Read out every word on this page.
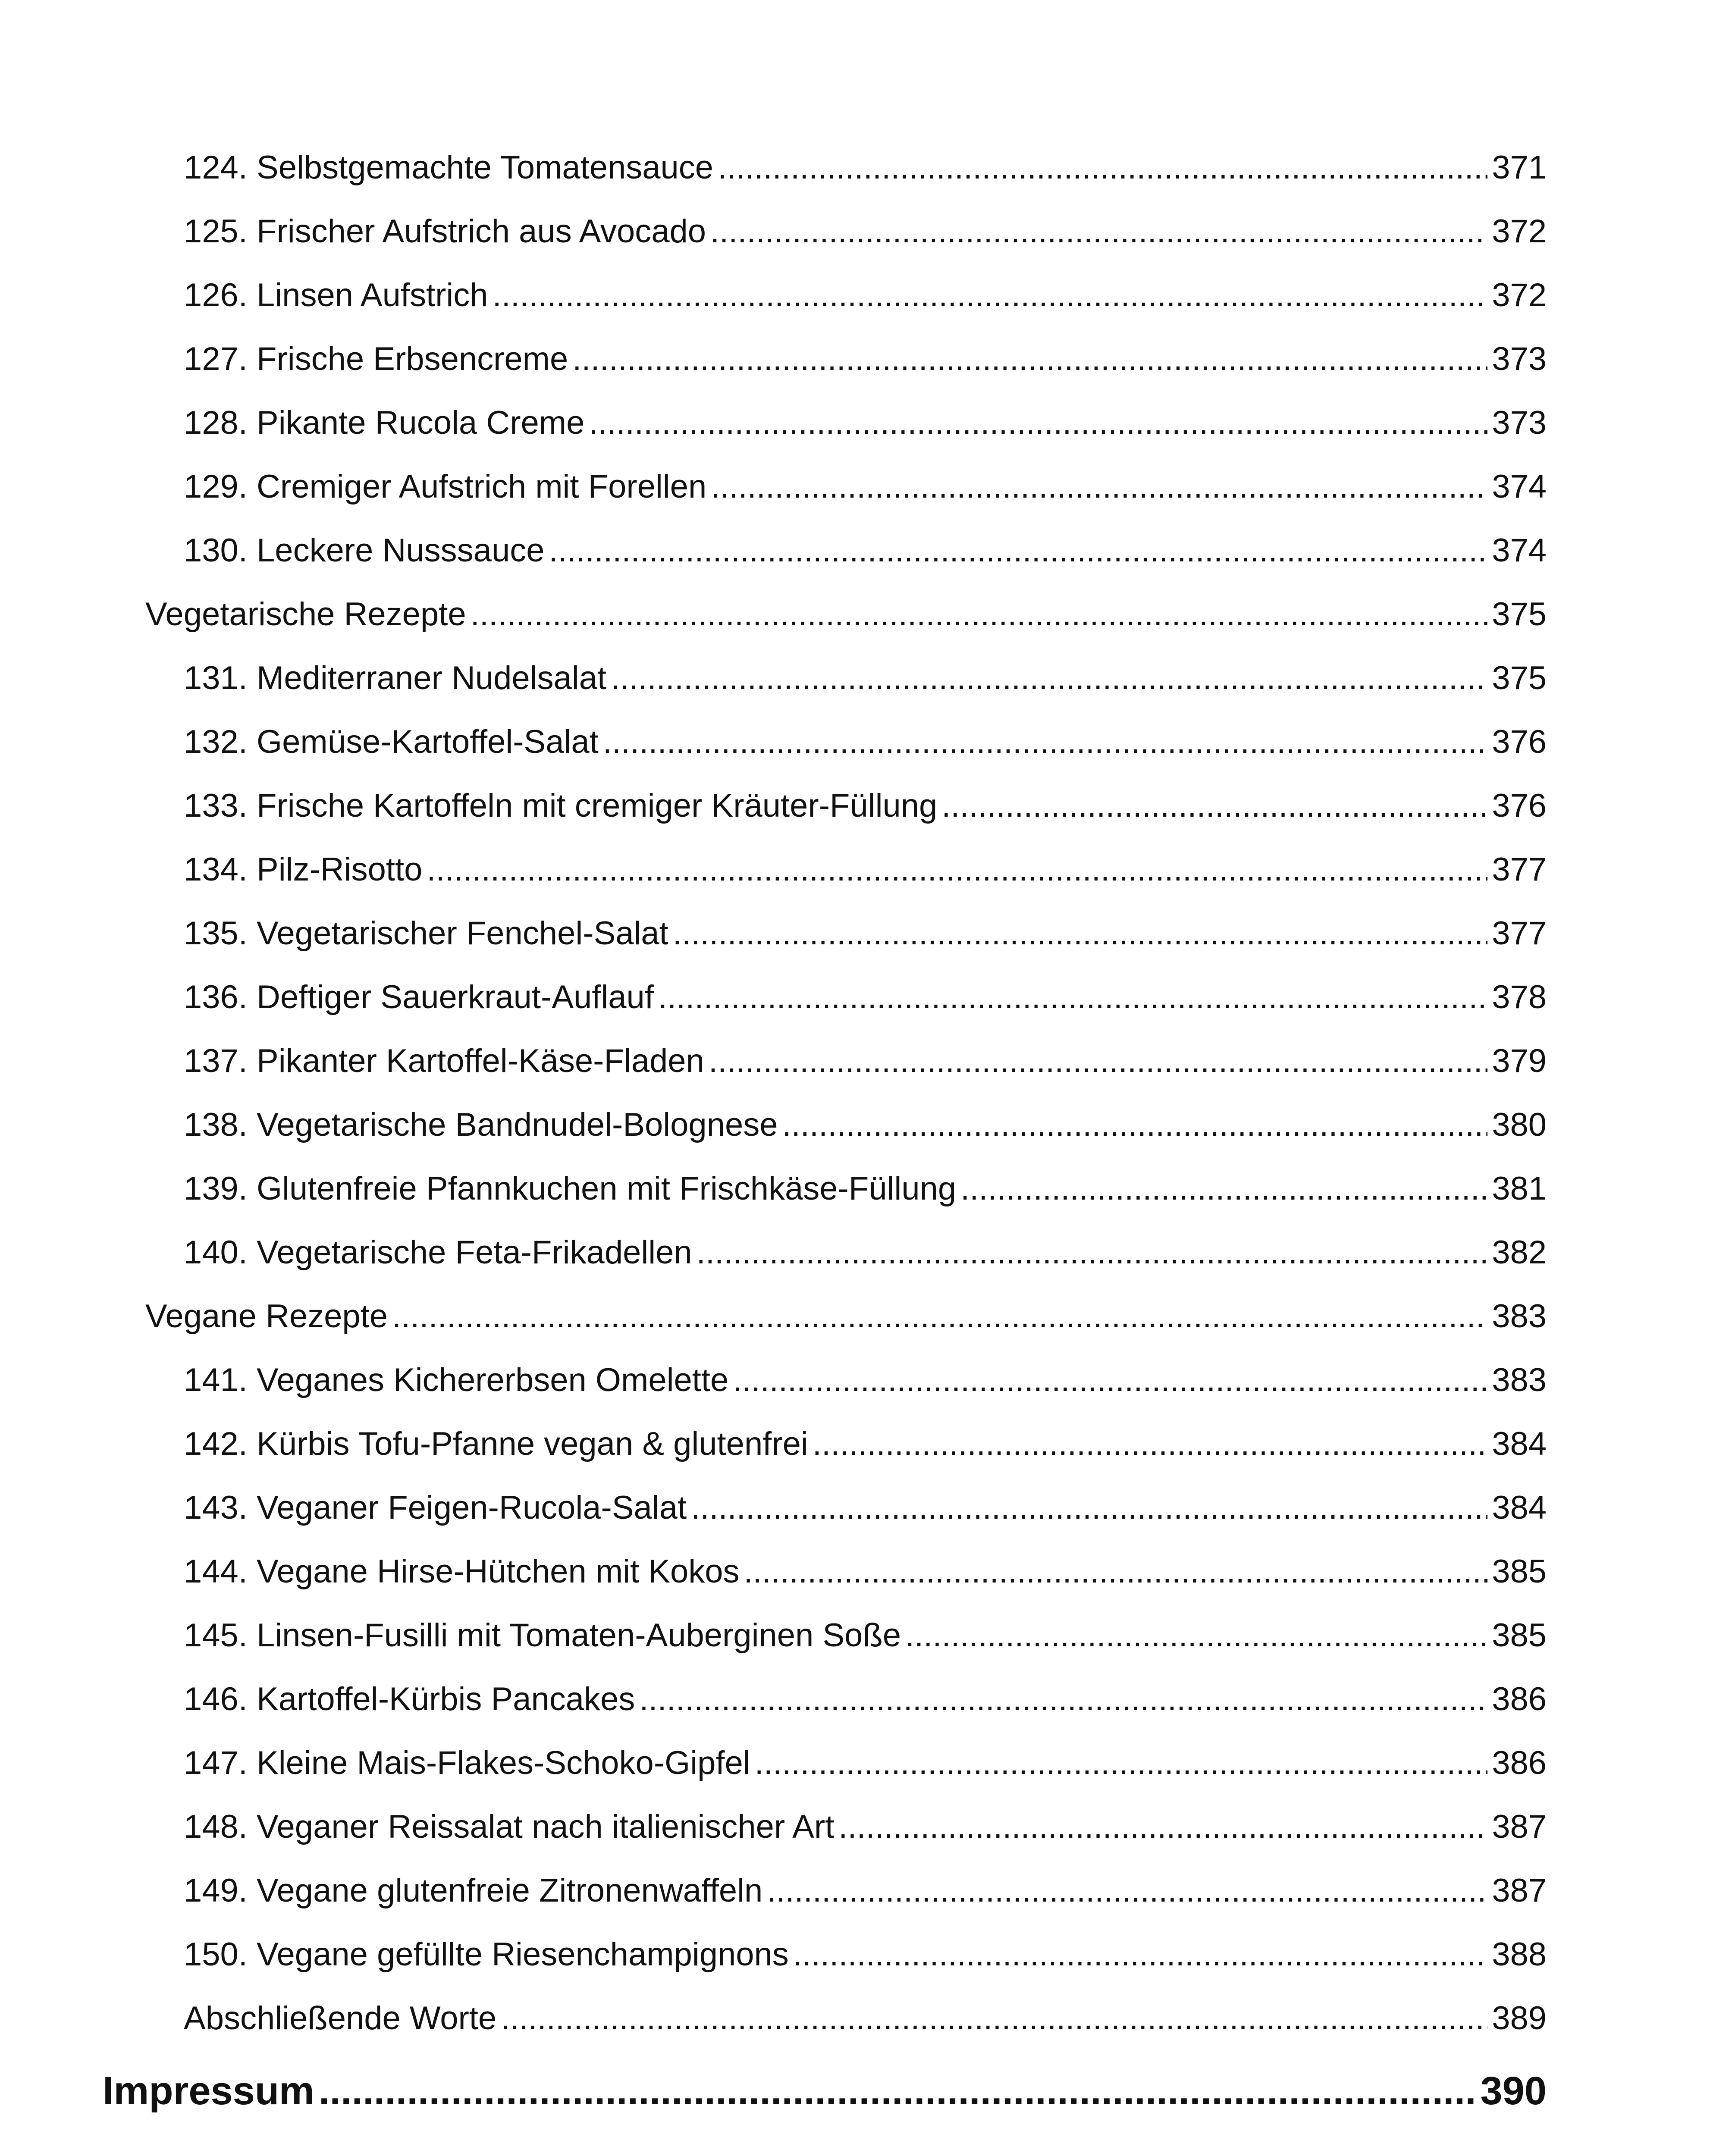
124. Selbstgemachte Tomatensauce .....	371
125. Frischer Aufstrich aus Avocado .....	372
126. Linsen Aufstrich .....	372
127. Frische Erbsencreme .....	373
128. Pikante Rucola Creme .....	373
129. Cremiger Aufstrich mit Forellen .....	374
130. Leckere Nusssauce .....	374
Vegetarische Rezepte .....	375
131. Mediterraner Nudelsalat .....	375
132. Gemüse-Kartoffel-Salat .....	376
133. Frische Kartoffeln mit cremiger Kräuter-Füllung .....	376
134. Pilz-Risotto .....	377
135. Vegetarischer Fenchel-Salat .....	377
136. Deftiger Sauerkraut-Auflauf .....	378
137. Pikanter Kartoffel-Käse-Fladen .....	379
138. Vegetarische Bandnudel-Bolognese .....	380
139. Glutenfreie Pfannkuchen mit Frischkäse-Füllung .....	381
140. Vegetarische Feta-Frikadellen .....	382
Vegane Rezepte .....	383
141. Veganes Kichererbsen Omelette .....	383
142. Kürbis Tofu-Pfanne vegan & glutenfrei .....	384
143. Veganer Feigen-Rucola-Salat .....	384
144. Vegane Hirse-Hütchen mit Kokos .....	385
145. Linsen-Fusilli mit Tomaten-Auberginen Soße .....	385
146. Kartoffel-Kürbis Pancakes .....	386
147. Kleine Mais-Flakes-Schoko-Gipfel .....	386
148. Veganer Reissalat nach italienischer Art .....	387
149. Vegane glutenfreie Zitronenwaffeln .....	387
150. Vegane gefüllte Riesenchampignons .....	388
Abschließende Worte .....	389
Impressum .....	390
.....
